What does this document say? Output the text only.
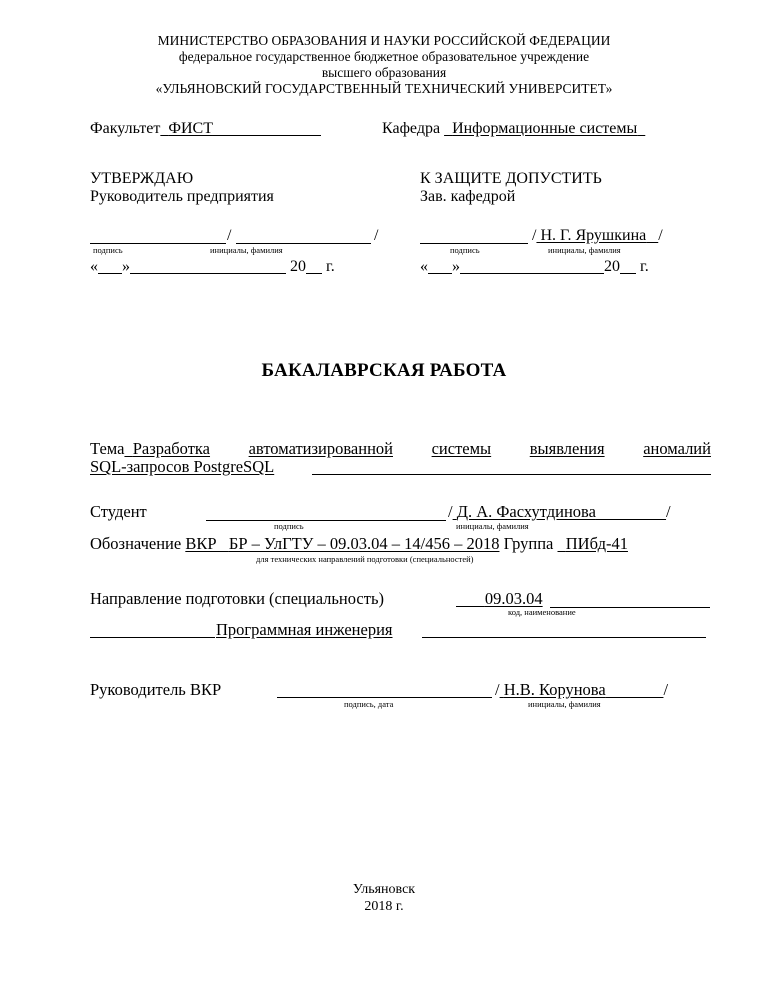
МИНИСТЕРСТВО ОБРАЗОВАНИЯ И НАУКИ РОССИЙСКОЙ ФЕДЕРАЦИИ
федеральное государственное бюджетное образовательное учреждение
высшего образования
«УЛЬЯНОВСКИЙ ГОСУДАРСТВЕННЫЙ ТЕХНИЧЕСКИЙ УНИВЕРСИТЕТ»
Факультет   ФИСТ                           	Кафедра    Информационные системы  
УТВЕРЖДАЮ
Руководитель предприятия
К ЗАЩИТЕ ДОПУСТИТЬ
Зав. кафедрой
/	/
подпись	инициалы, фамилия
/  Н. Г. Ярушкина    /
подпись	инициалы, фамилия
«       »                                        	20      г.	«       »                                    	20      г.
БАКАЛАВРСКАЯ РАБОТА
Тема   Разработка автоматизированной системы выявления аномалий
SQL-запросов PostgreSQL
Студент	/  Д. А. Фасхутдинова                 	/
подпись	инициалы, фамилия
Обозначение  ВКР    БР – УлГТУ – 09.03.04 – 14/456 – 2018  Группа    ПИбд-41
для технических направлений подготовки (специальностей)
Направление подготовки (специальность)
       	09.03.04
код, наименование
Программная инженерия
Руководитель ВКР	/  Н.В. Корунова              	/
подпись, дата	инициалы, фамилия
Ульяновск
2018 г.
